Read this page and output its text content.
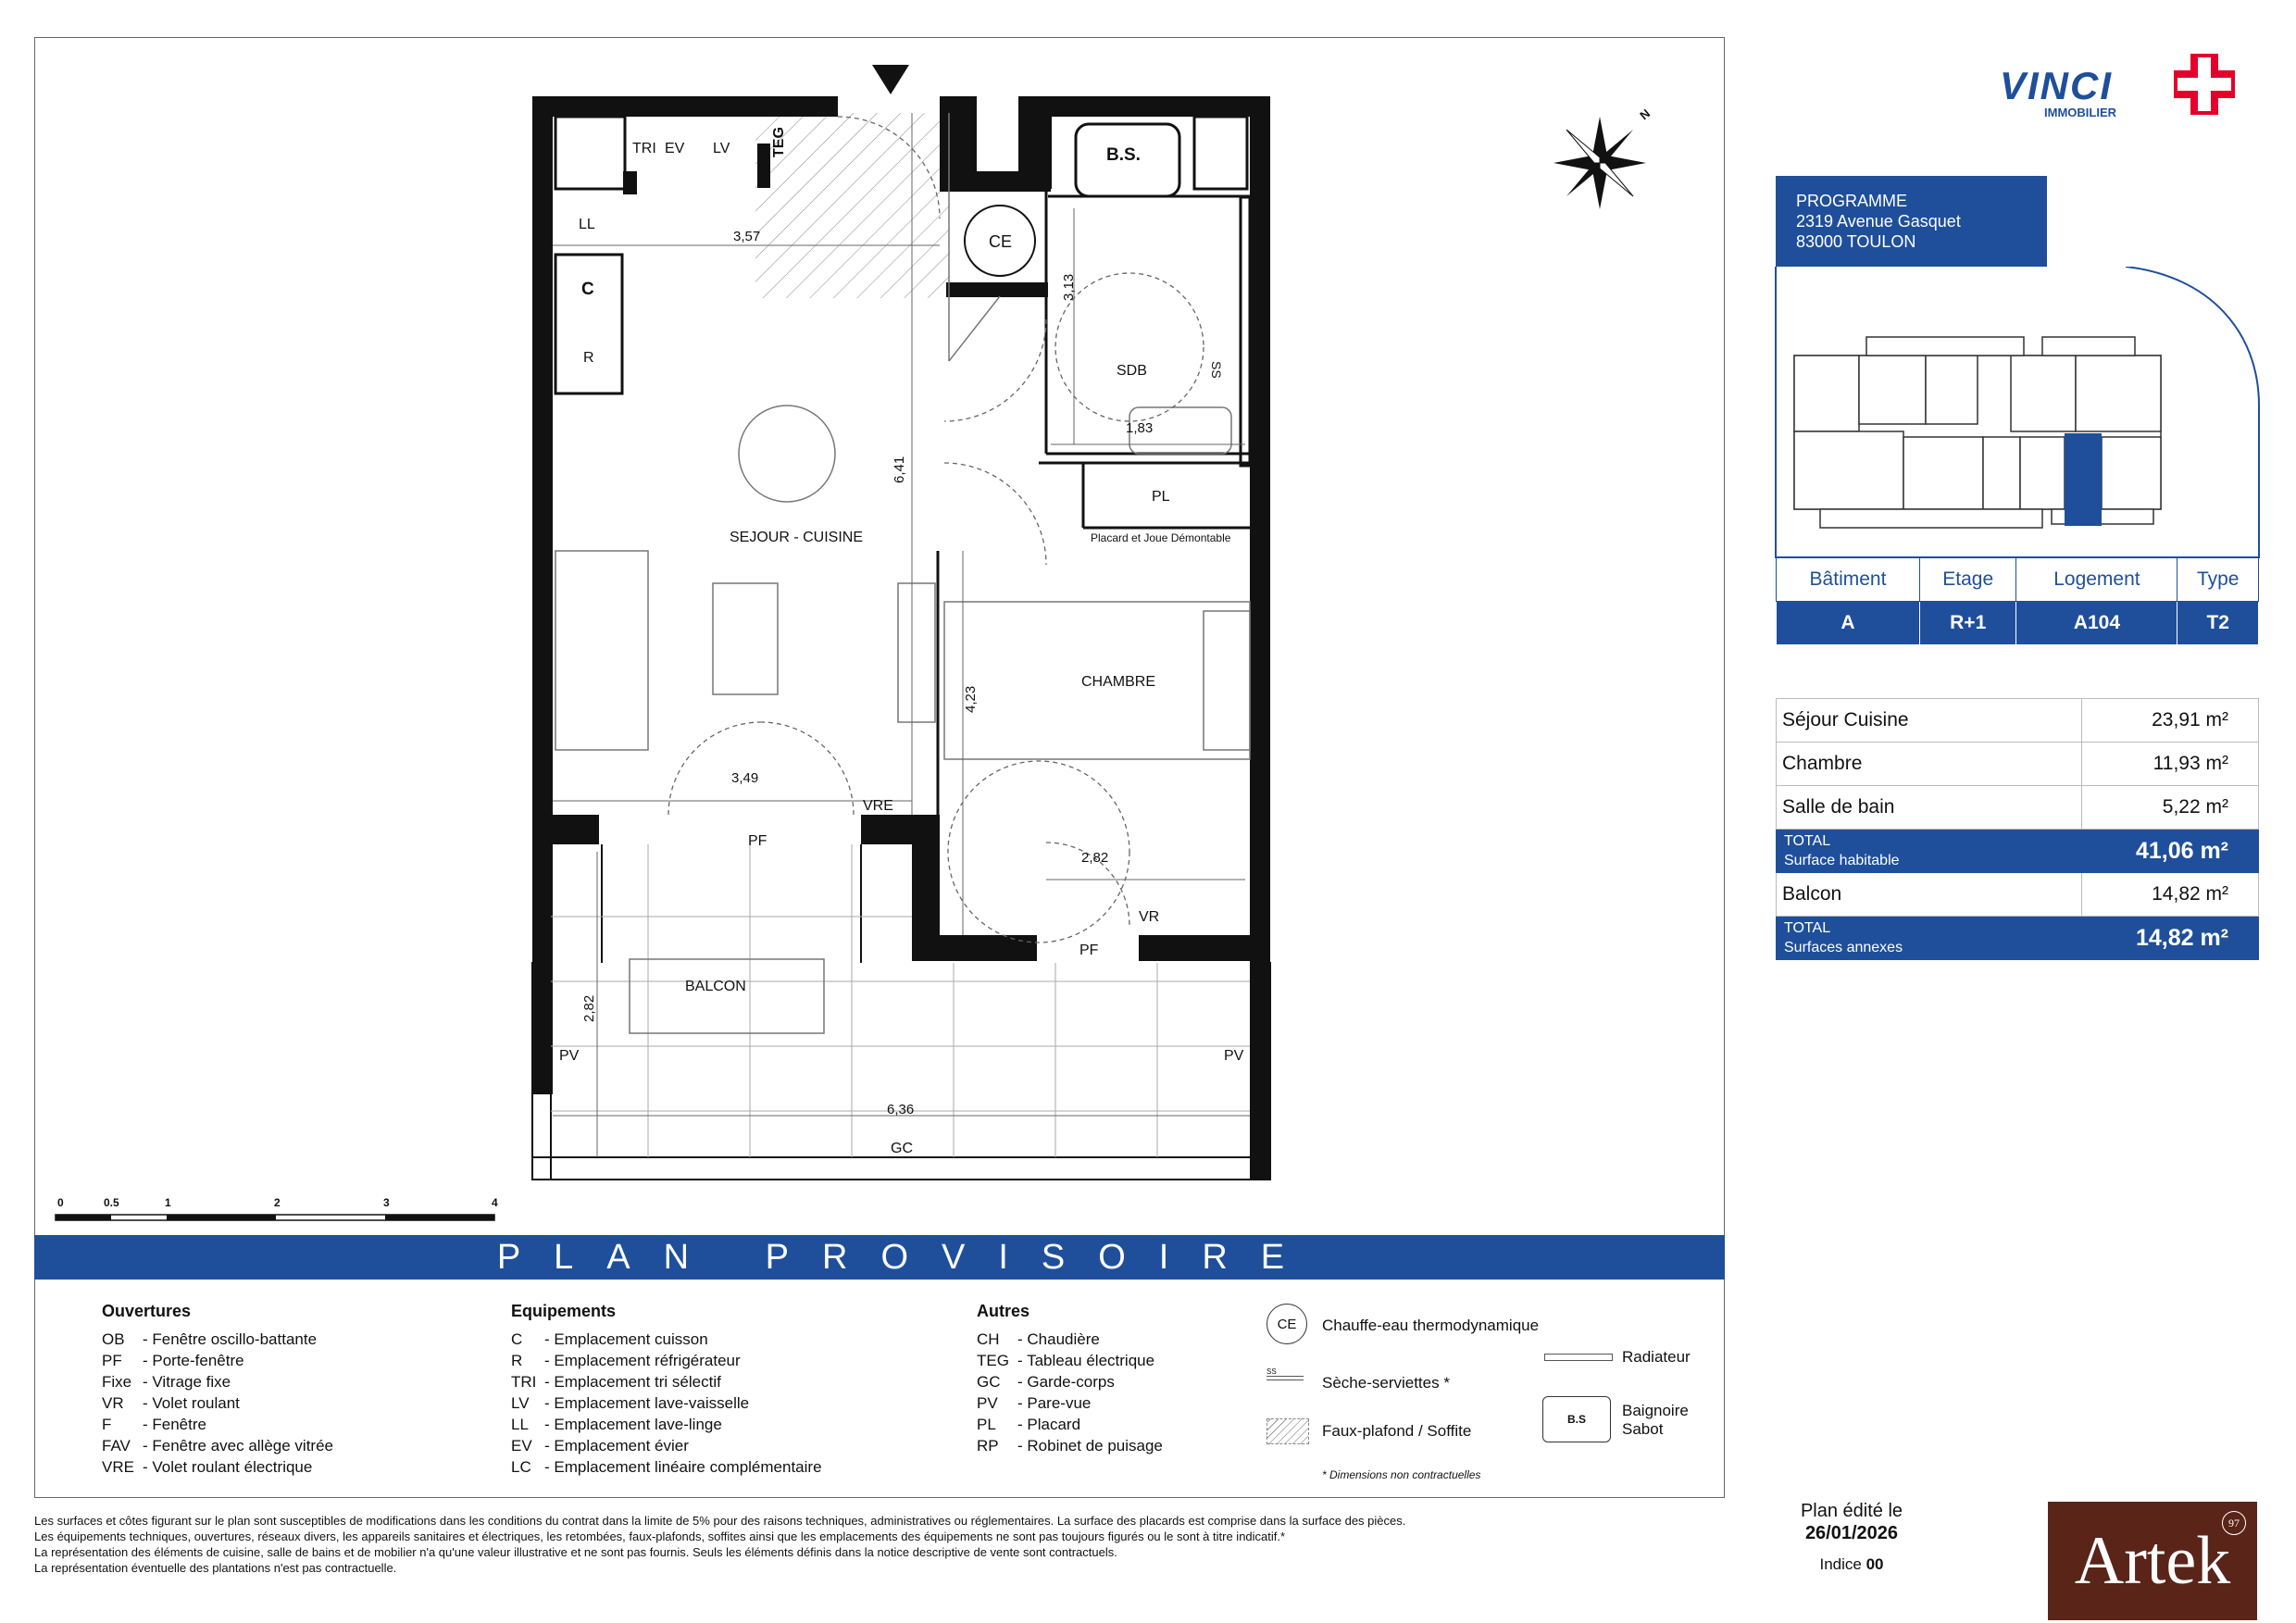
TRI EV LV	TEG	B.S.
LL
C
R
CE
SS
PL
Placard et Joue Démontable
SDB
SEJOUR - CUISINE
CHAMBRE
BALCON
VRE
PF
VR
PF
PV	PV
GC
N
3,57
3,13
1,83
6,41
4,23
3,49
2,82
2,82
6,36
0	0.5	1	2	3	4
PLAN PROVISOIRE
Ouvertures
OB - Fenêtre oscillo-battante
PF - Porte-fenêtre
Fixe - Vitrage fixe
VR - Volet roulant
F - Fenêtre
FAV - Fenêtre avec allège vitrée
VRE - Volet roulant électrique
Equipements
C - Emplacement cuisson
R - Emplacement réfrigérateur
TRI - Emplacement tri sélectif
LV - Emplacement lave-vaisselle
LL - Emplacement lave-linge
EV - Emplacement évier
LC - Emplacement linéaire complémentaire
Autres
CH - Chaudière
TEG - Tableau électrique
GC - Garde-corps
PV - Pare-vue
PL - Placard
RP - Robinet de puisage
CE	Chauffe-eau thermodynamique
SS
Sèche-serviettes *
Faux-plafond / Soffite
Radiateur
B.S	Baignoire
Sabot
* Dimensions non contractuelles
Les surfaces et côtes figurant sur le plan sont susceptibles de modifications dans les conditions du contrat dans la limite de 5% pour des raisons techniques, administratives ou réglementaires. La surface des placards est comprise dans la surface des pièces.
Les équipements techniques, ouvertures, réseaux divers, les appareils sanitaires et électriques, les retombées, faux-plafonds, soffites ainsi que les emplacements des équipements ne sont pas toujours figurés ou le sont à titre indicatif.*
La représentation des éléments de cuisine, salle de bains et de mobilier n'a qu'une valeur illustrative et ne sont pas fournis. Seuls les éléments définis dans la notice descriptive de vente sont contractuels.
La représentation éventuelle des plantations n'est pas contractuelle.
Plan édité le
26/01/2026
Indice 00	Artek
97
VINCI
IMMOBILIER
PROGRAMME
2319 Avenue Gasquet
83000 TOULON
Bâtiment	Etage	Logement	Type
A	R+1	A104	T2
Séjour Cuisine	23,91 m²
Chambre	11,93 m²
Salle de bain	5,22 m²

TOTAL
Surface habitable	41,06 m²
Balcon	14,82 m²

TOTAL
Surfaces annexes	14,82 m²
